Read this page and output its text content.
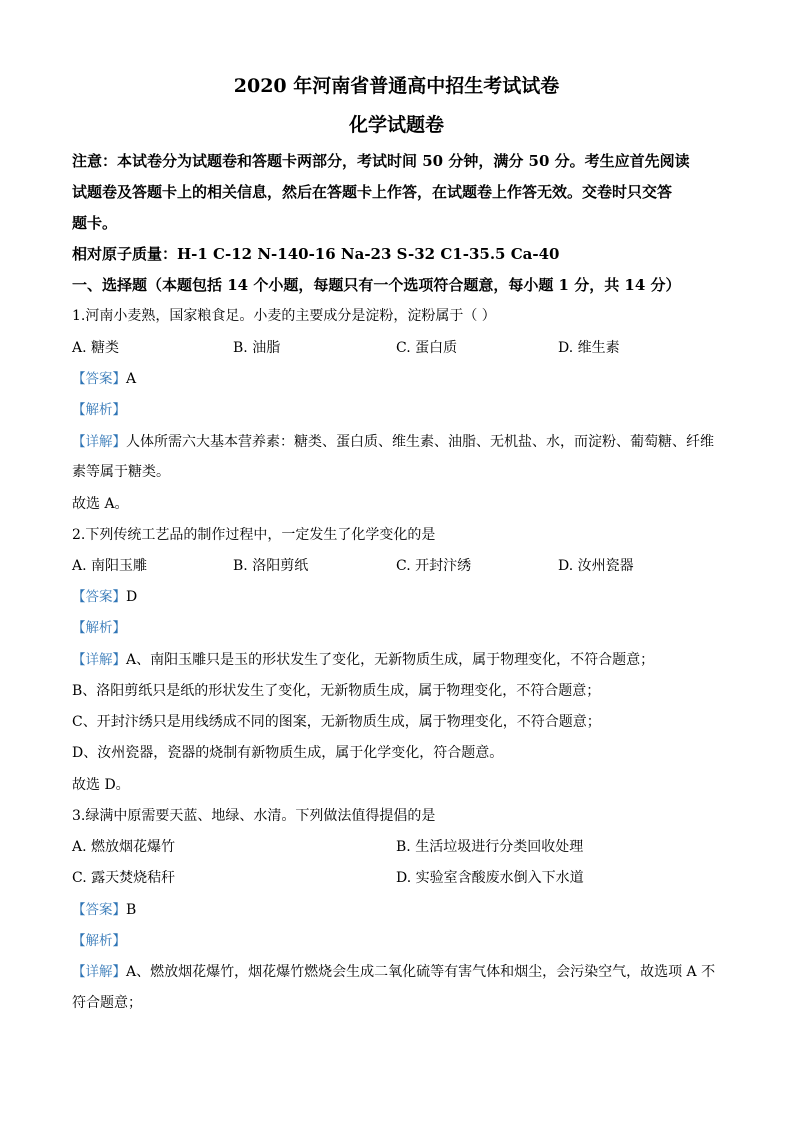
2020 年河南省普通高中招生考试试卷
化学试题卷
注意：本试卷分为试题卷和答题卡两部分，考试时间 50 分钟，满分 50 分。考生应首先阅读
试题卷及答题卡上的相关信息，然后在答题卡上作答，在试题卷上作答无效。交卷时只交答
题卡。
相对原子质量：H-1 C-12 N-140-16 Na-23 S-32 C1-35.5 Ca-40
一、选择题（本题包括 14 个小题，每题只有一个选项符合题意，每小题 1 分，共 14 分）
1.河南小麦熟，国家粮食足。小麦的主要成分是淀粉，淀粉属于（ ）
A. 糖类	B. 油脂	C. 蛋白质	D. 维生素
【答案】A
【解析】
【详解】人体所需六大基本营养素：糖类、蛋白质、维生素、油脂、无机盐、水，而淀粉、葡萄糖、纤维
素等属于糖类。
故选 A。
2.下列传统工艺品的制作过程中，一定发生了化学变化的是
A. 南阳玉雕	B. 洛阳剪纸	C. 开封汴绣	D. 汝州瓷器
【答案】D
【解析】
【详解】A、南阳玉雕只是玉的形状发生了变化，无新物质生成，属于物理变化，不符合题意；
B、洛阳剪纸只是纸的形状发生了变化，无新物质生成，属于物理变化，不符合题意；
C、开封汴绣只是用线绣成不同的图案，无新物质生成，属于物理变化，不符合题意；
D、汝州瓷器，瓷器的烧制有新物质生成，属于化学变化，符合题意。
故选 D。
3.绿满中原需要天蓝、地绿、水清。下列做法值得提倡的是
A. 燃放烟花爆竹	B. 生活垃圾进行分类回收处理
C. 露天焚烧秸秆	D. 实验室含酸废水倒入下水道
【答案】B
【解析】
【详解】A、燃放烟花爆竹，烟花爆竹燃烧会生成二氧化硫等有害气体和烟尘，会污染空气，故选项 A 不
符合题意；
